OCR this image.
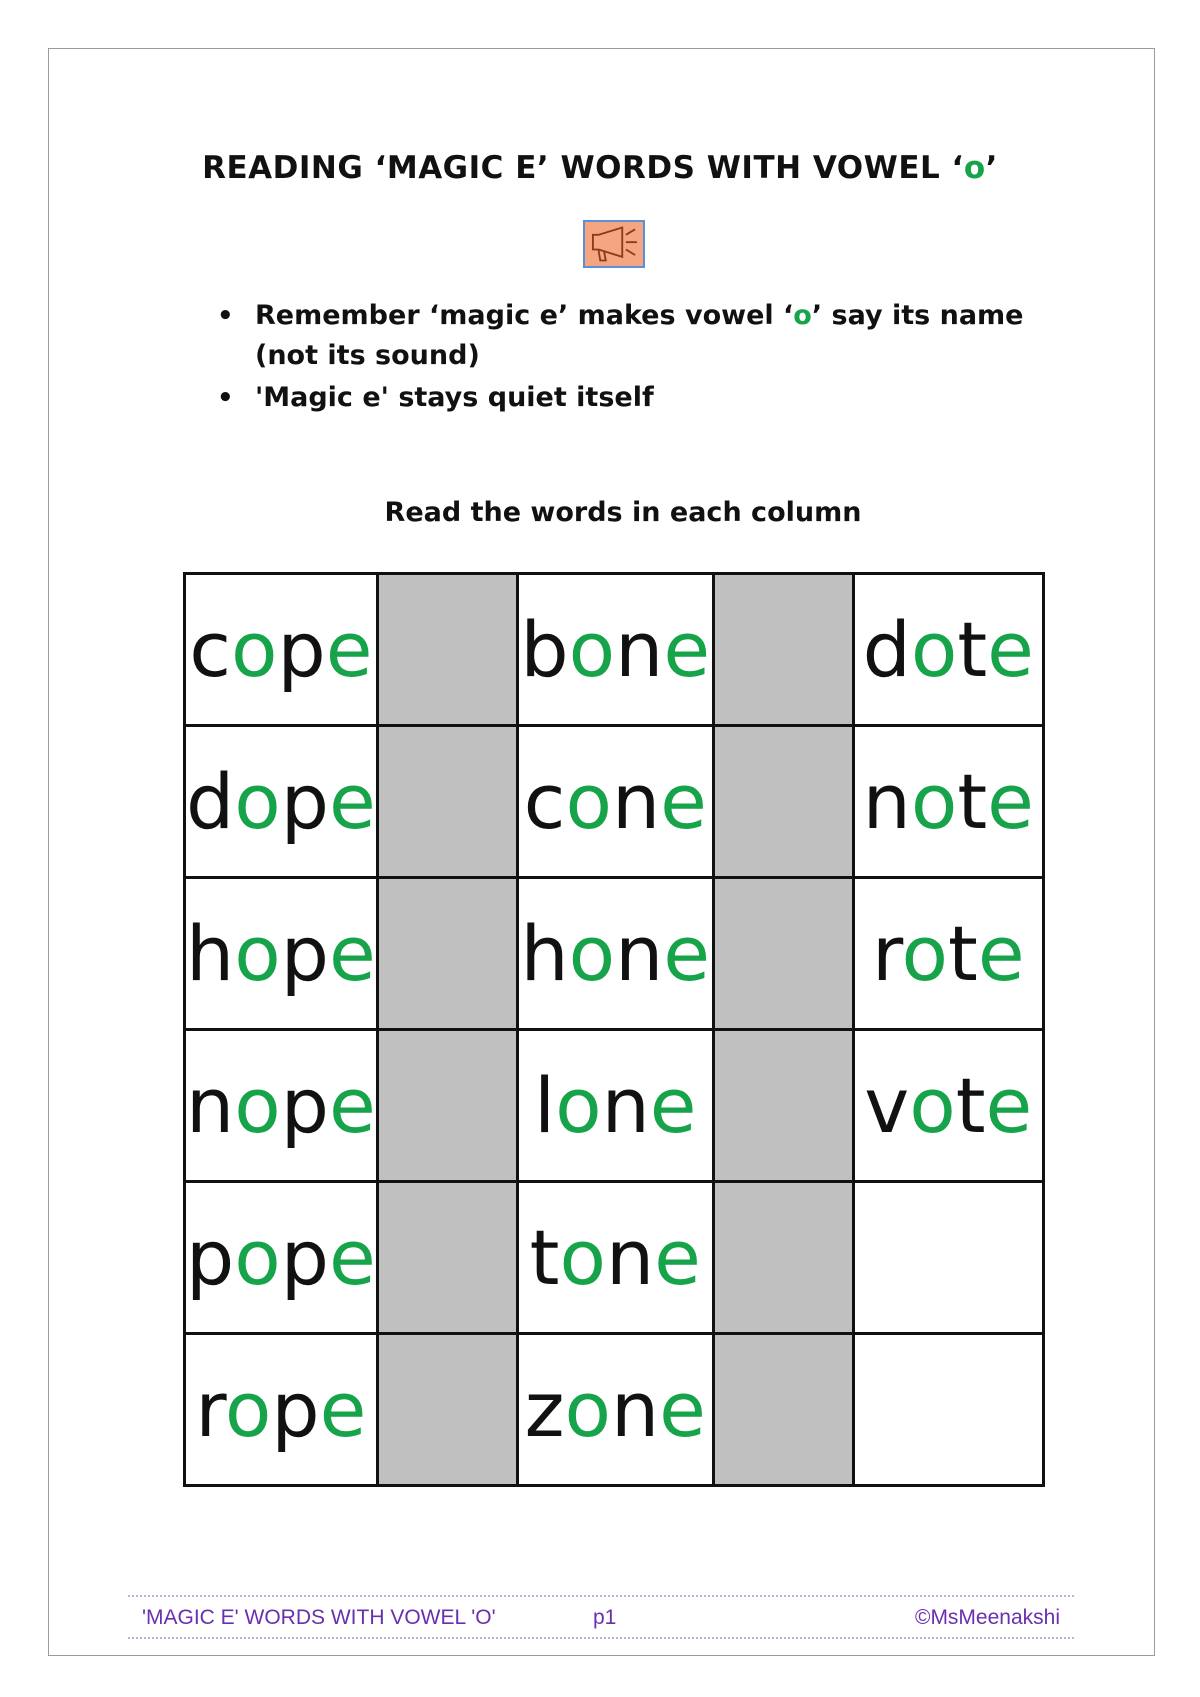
READING ‘MAGIC E’ WORDS WITH VOWEL ‘o’
• Remember ‘magic e’ makes vowel ‘o’ say its name (not its sound)
• 'Magic e' stays quiet itself
Read the words in each column
cope		bone		dote
dope		cone		note
hope		hone		rote
nope		lone		vote
pope		tone		
rope		zone		
'MAGIC E' WORDS WITH VOWEL 'O'	p1	©MsMeenakshi
